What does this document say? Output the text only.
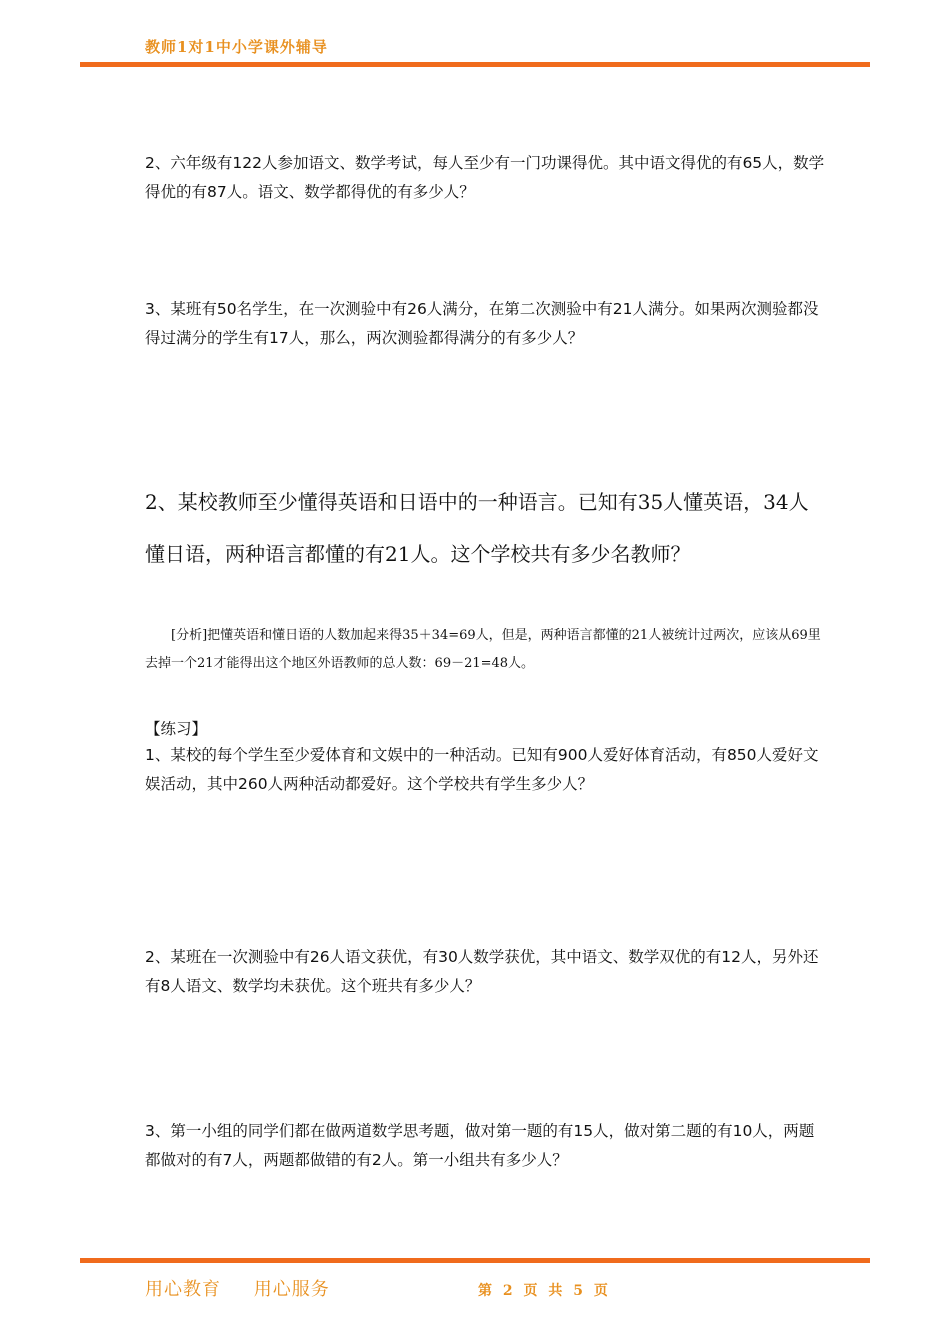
教师1对1中小学课外辅导

2、六年级有122人参加语文、数学考试，每人至少有一门功课得优。其中语文得优的有65人，数学得优的有87人。语文、数学都得优的有多少人？

3、某班有50名学生，在一次测验中有26人满分，在第二次测验中有21人满分。如果两次测验都没得过满分的学生有17人，那么，两次测验都得满分的有多少人？

2、某校教师至少懂得英语和日语中的一种语言。已知有35人懂英语，34人懂日语，两种语言都懂的有21人。这个学校共有多少名教师？

[分析]把懂英语和懂日语的人数加起来得35＋34=69人，但是，两种语言都懂的21人被统计过两次，应该从69里去掉一个21才能得出这个地区外语教师的总人数：69－21=48人。

【练习】

1、某校的每个学生至少爱体育和文娱中的一种活动。已知有900人爱好体育活动，有850人爱好文娱活动，其中260人两种活动都爱好。这个学校共有学生多少人？

2、某班在一次测验中有26人语文获优，有30人数学获优，其中语文、数学双优的有12人，另外还有8人语文、数学均未获优。这个班共有多少人？

3、第一小组的同学们都在做两道数学思考题，做对第一题的有15人，做对第二题的有10人，两题都做对的有7人，两题都做错的有2人。第一小组共有多少人？

用心教育 用心服务	第 2 页 共 5 页
